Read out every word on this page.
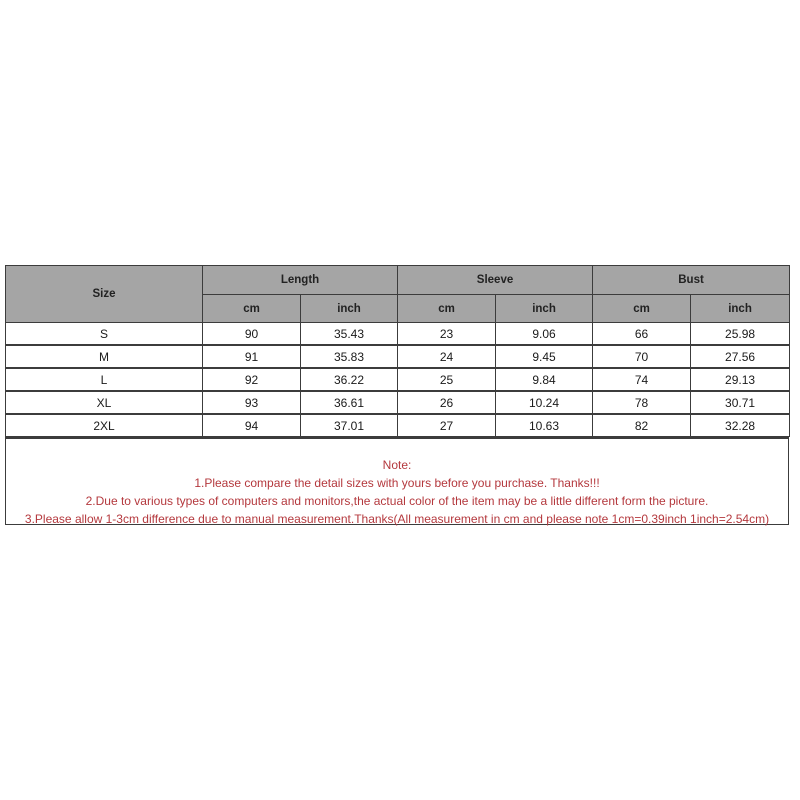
Size	Length		Sleeve		Bust	
	cm	inch	cm	inch	cm	inch
S	90	35.43	23	9.06	66	25.98
M	91	35.83	24	9.45	70	27.56
L	92	36.22	25	9.84	74	29.13
XL	93	36.61	26	10.24	78	30.71
2XL	94	37.01	27	10.63	82	32.28
Note:
1.Please compare the detail sizes with yours before you purchase. Thanks!!!
2.Due to various types of computers and monitors,the actual color of the item may be a little different form the picture.
3.Please allow 1-3cm difference due to manual measurement.Thanks(All measurement in cm and please note 1cm=0.39inch 1inch=2.54cm)
